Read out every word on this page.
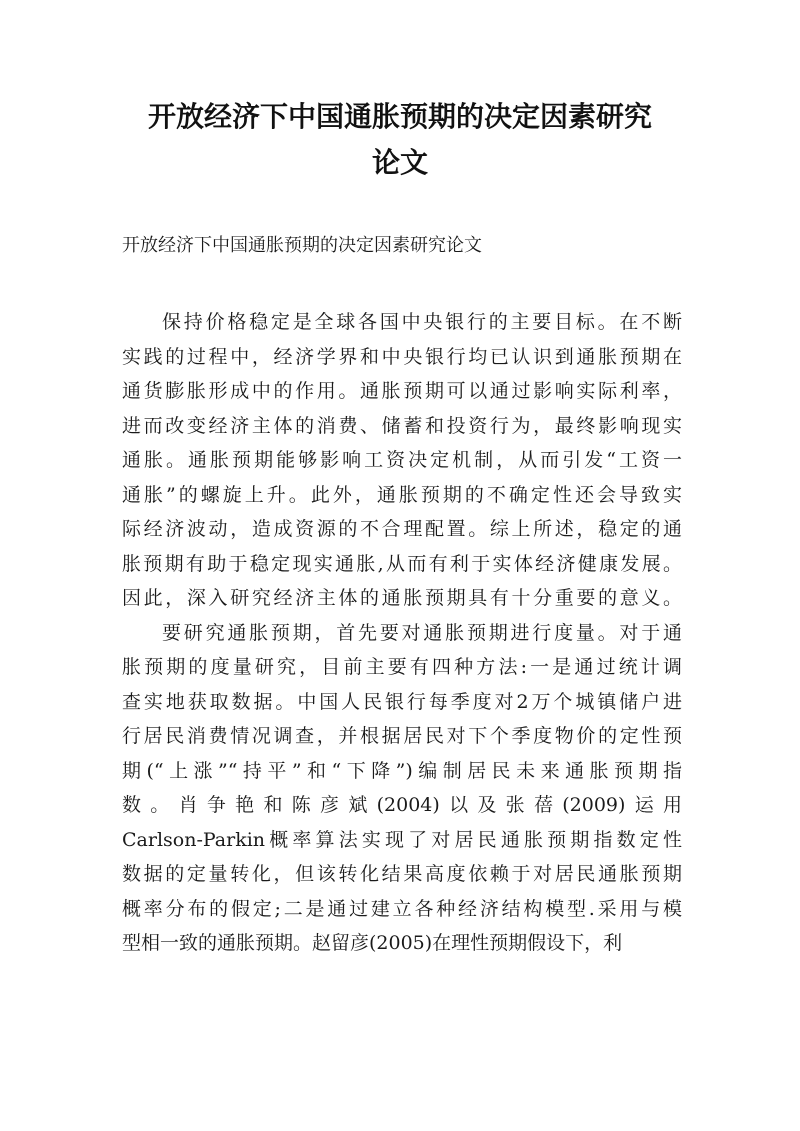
开放经济下中国通胀预期的决定因素研究
论文
开放经济下中国通胀预期的决定因素研究论文
保持价格稳定是全球各国中央银行的主要目标。在不断
实践的过程中，经济学界和中央银行均已认识到通胀预期在
通货膨胀形成中的作用。通胀预期可以通过影响实际利率，
进而改变经济主体的消费、储蓄和投资行为，最终影响现实
通胀。通胀预期能够影响工资决定机制，从而引发“工资一
通胀”的螺旋上升。此外，通胀预期的不确定性还会导致实
际经济波动，造成资源的不合理配置。综上所述，稳定的通
胀预期有助于稳定现实通胀,从而有利于实体经济健康发展。
因此，深入研究经济主体的通胀预期具有十分重要的意义。
要研究通胀预期，首先要对通胀预期进行度量。对于通
胀预期的度量研究，目前主要有四种方法:一是通过统计调
查实地获取数据。中国人民银行每季度对2万个城镇储户进
行居民消费情况调查，并根据居民对下个季度物价的定性预
期(“上涨”“持平”和“下降”)编制居民未来通胀预期指
数。肖争艳和陈彦斌(2004)以及张蓓(2009)运用
Carlson-Parkin概率算法实现了对居民通胀预期指数定性
数据的定量转化，但该转化结果高度依赖于对居民通胀预期
概率分布的假定;二是通过建立各种经济结构模型.采用与模
型相一致的通胀预期。赵留彦(2005)在理性预期假设下，利
